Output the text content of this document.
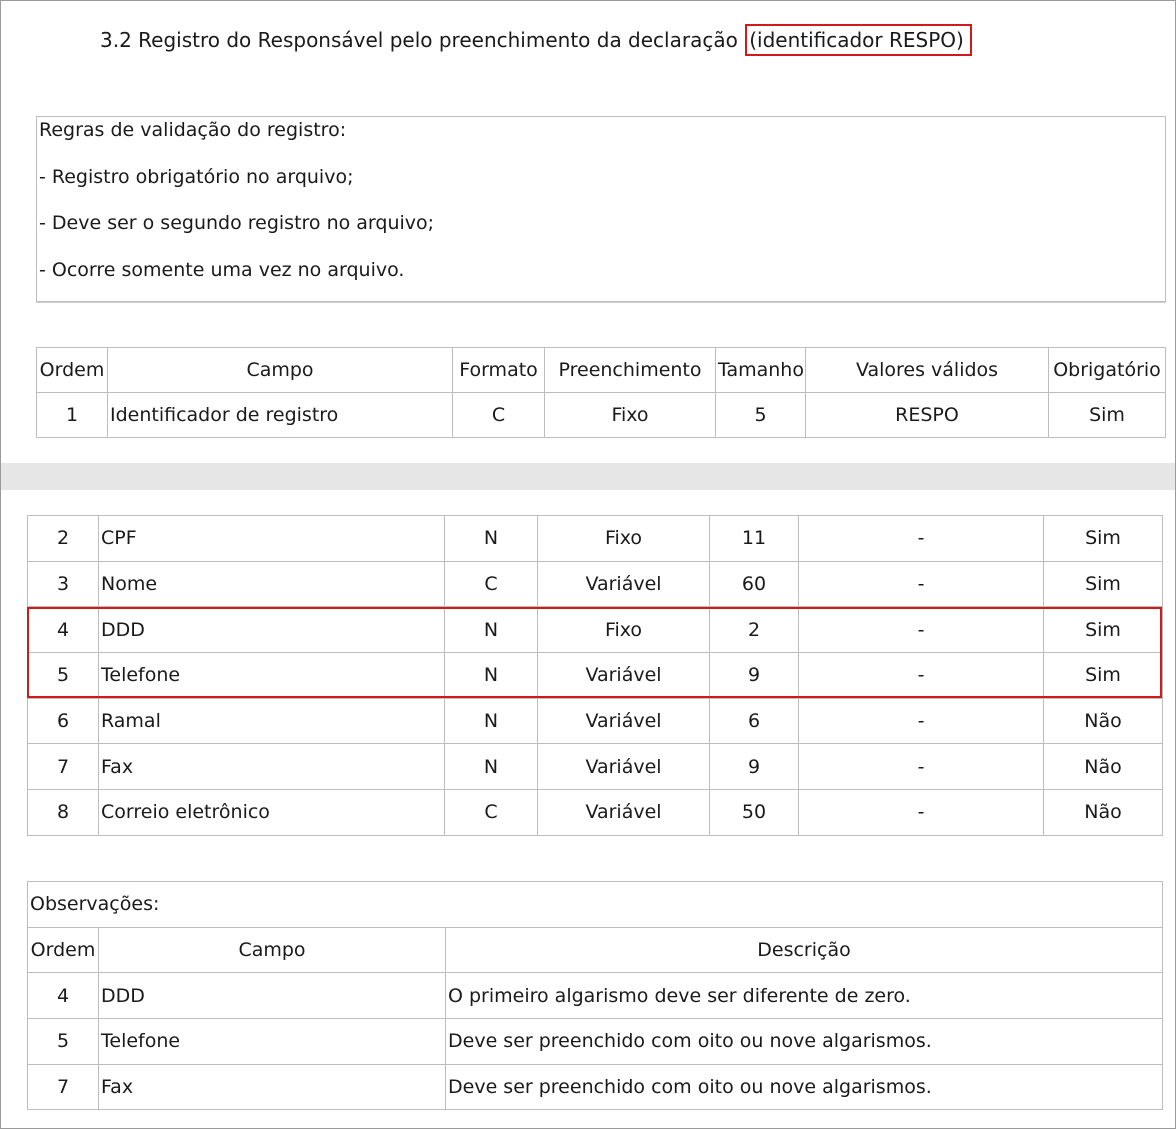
3.2 Registro do Responsável pelo preenchimento da declaração (identificador RESPO)
Regras de validação do registro:
- Registro obrigatório no arquivo;
- Deve ser o segundo registro no arquivo;
- Ocorre somente uma vez no arquivo.
Ordem	Campo	Formato	Preenchimento	Tamanho	Valores válidos	Obrigatório
1	Identificador de registro	C	Fixo	5	RESPO	Sim
2	CPF	N	Fixo	11	-	Sim
3	Nome	C	Variável	60	-	Sim
4	DDD	N	Fixo	2	-	Sim
5	Telefone	N	Variável	9	-	Sim
6	Ramal	N	Variável	6	-	Não
7	Fax	N	Variável	9	-	Não
8	Correio eletrônico	C	Variável	50	-	Não
Observações:		
Ordem	Campo	Descrição
4	DDD	O primeiro algarismo deve ser diferente de zero.
5	Telefone	Deve ser preenchido com oito ou nove algarismos.
7	Fax	Deve ser preenchido com oito ou nove algarismos.
